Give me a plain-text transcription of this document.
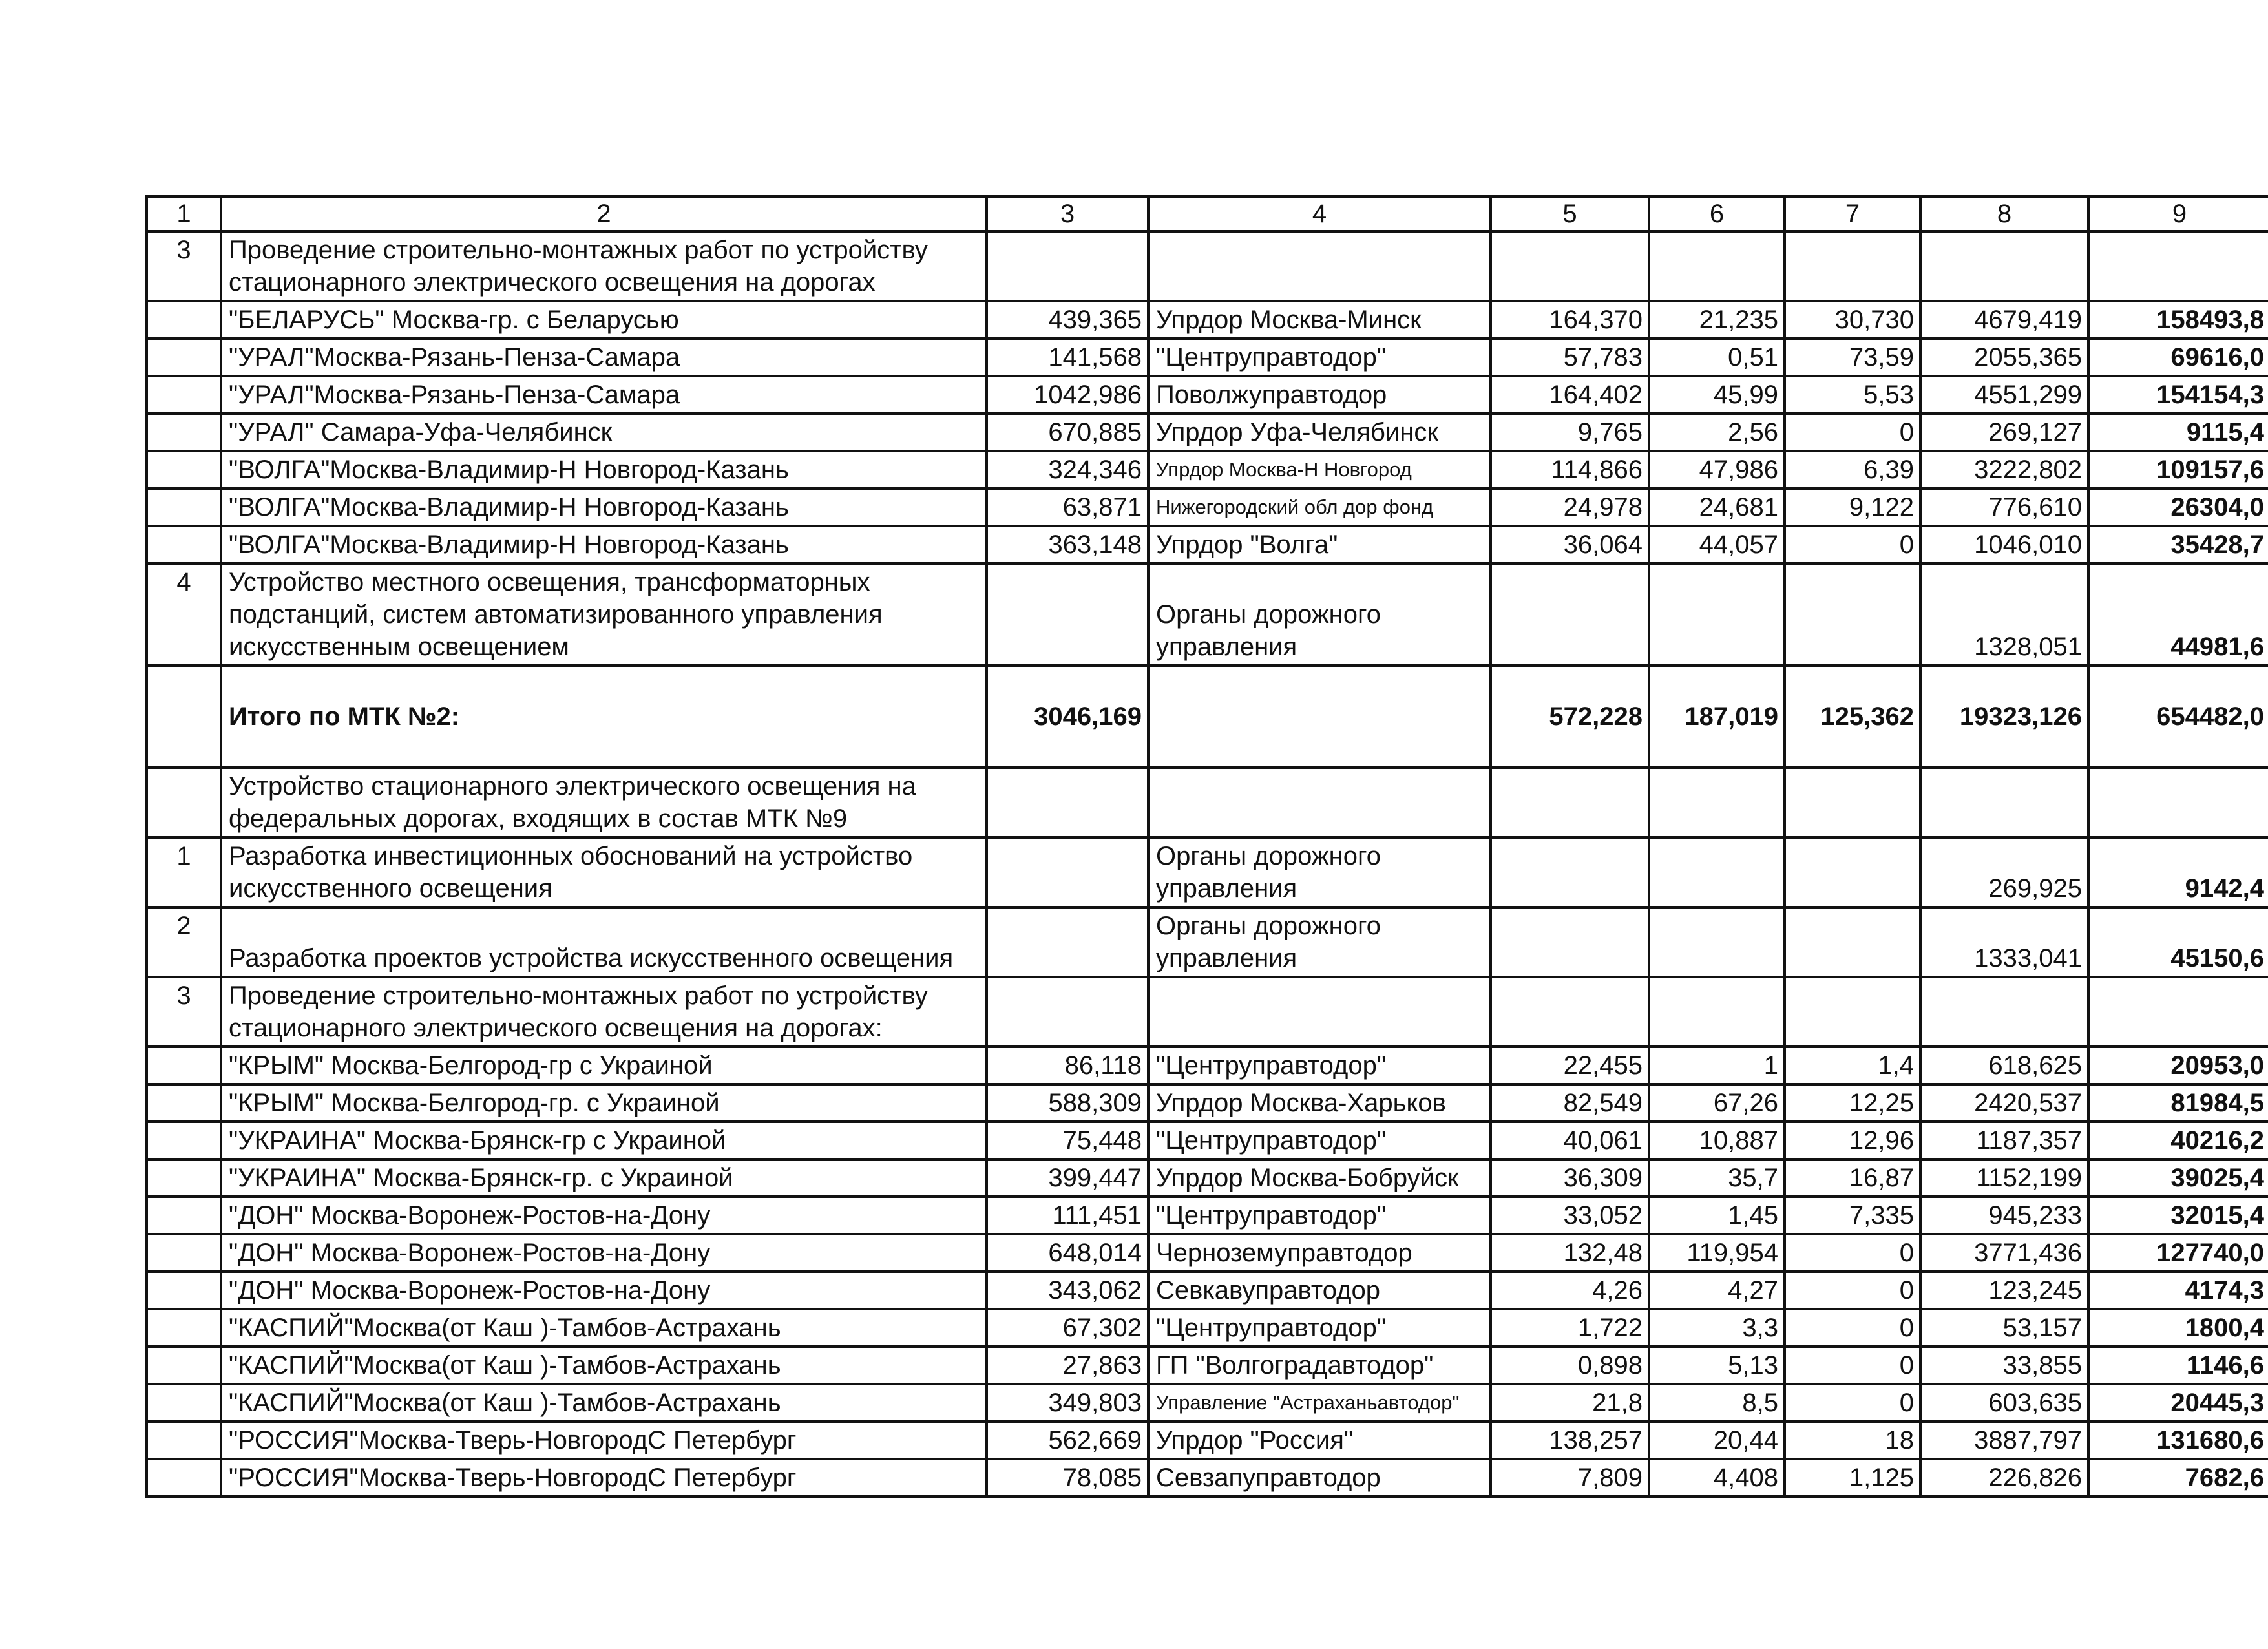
1	2	3	4	5	6	7	8	9
3	Проведение строительно-монтажных работ по устройству стационарного электрического освещения на дорогах							
	"БЕЛАРУСЬ" Москва-гр. с Беларусью	439,365	Упрдор Москва-Минск	164,370	21,235	30,730	4679,419	158493,8
	"УРАЛ"Москва-Рязань-Пенза-Самара	141,568	"Центруправтодор"	57,783	0,51	73,59	2055,365	69616,0
	"УРАЛ"Москва-Рязань-Пенза-Самара	1042,986	Поволжуправтодор	164,402	45,99	5,53	4551,299	154154,3
	"УРАЛ" Самара-Уфа-Челябинск	670,885	Упрдор Уфа-Челябинск	9,765	2,56	0	269,127	9115,4
	"ВОЛГА"Москва-Владимир-Н Новгород-Казань	324,346	Упрдор Москва-Н Новгород	114,866	47,986	6,39	3222,802	109157,6
	"ВОЛГА"Москва-Владимир-Н Новгород-Казань	63,871	Нижегородский обл дор фонд	24,978	24,681	9,122	776,610	26304,0
	"ВОЛГА"Москва-Владимир-Н Новгород-Казань	363,148	Упрдор "Волга"	36,064	44,057	0	1046,010	35428,7
4	Устройство местного освещения, трансформаторных подстанций, систем автоматизированного управления искусственным освещением		Органы дорожного управления				1328,051	44981,6
	Итого по МТК №2:	3046,169		572,228	187,019	125,362	19323,126	654482,0
	Устройство стационарного электрического освещения на федеральных дорогах, входящих в состав МТК №9							
1	Разработка инвестиционных обоснований на устройство искусственного освещения		Органы дорожного управления				269,925	9142,4
2	Разработка проектов устройства искусственного освещения		Органы дорожного управления				1333,041	45150,6
3	Проведение строительно-монтажных работ по устройству стационарного электрического освещения на дорогах:							
	"КРЫМ" Москва-Белгород-гр с Украиной	86,118	"Центруправтодор"	22,455	1	1,4	618,625	20953,0
	"КРЫМ" Москва-Белгород-гр. с Украиной	588,309	Упрдор Москва-Харьков	82,549	67,26	12,25	2420,537	81984,5
	"УКРАИНА" Москва-Брянск-гр с Украиной	75,448	"Центруправтодор"	40,061	10,887	12,96	1187,357	40216,2
	"УКРАИНА" Москва-Брянск-гр. с Украиной	399,447	Упрдор Москва-Бобруйск	36,309	35,7	16,87	1152,199	39025,4
	"ДОН" Москва-Воронеж-Ростов-на-Дону	111,451	"Центруправтодор"	33,052	1,45	7,335	945,233	32015,4
	"ДОН" Москва-Воронеж-Ростов-на-Дону	648,014	Черноземуправтодор	132,48	119,954	0	3771,436	127740,0
	"ДОН" Москва-Воронеж-Ростов-на-Дону	343,062	Севкавуправтодор	4,26	4,27	0	123,245	4174,3
	"КАСПИЙ"Москва(от Каш )-Тамбов-Астрахань	67,302	"Центруправтодор"	1,722	3,3	0	53,157	1800,4
	"КАСПИЙ"Москва(от Каш )-Тамбов-Астрахань	27,863	ГП "Волгоградавтодор"	0,898	5,13	0	33,855	1146,6
	"КАСПИЙ"Москва(от Каш )-Тамбов-Астрахань	349,803	Управление "Астраханьавтодор"	21,8	8,5	0	603,635	20445,3
	"РОССИЯ"Москва-Тверь-НовгородС Петербург	562,669	Упрдор "Россия"	138,257	20,44	18	3887,797	131680,6
	"РОССИЯ"Москва-Тверь-НовгородС Петербург	78,085	Севзапуправтодор	7,809	4,408	1,125	226,826	7682,6
